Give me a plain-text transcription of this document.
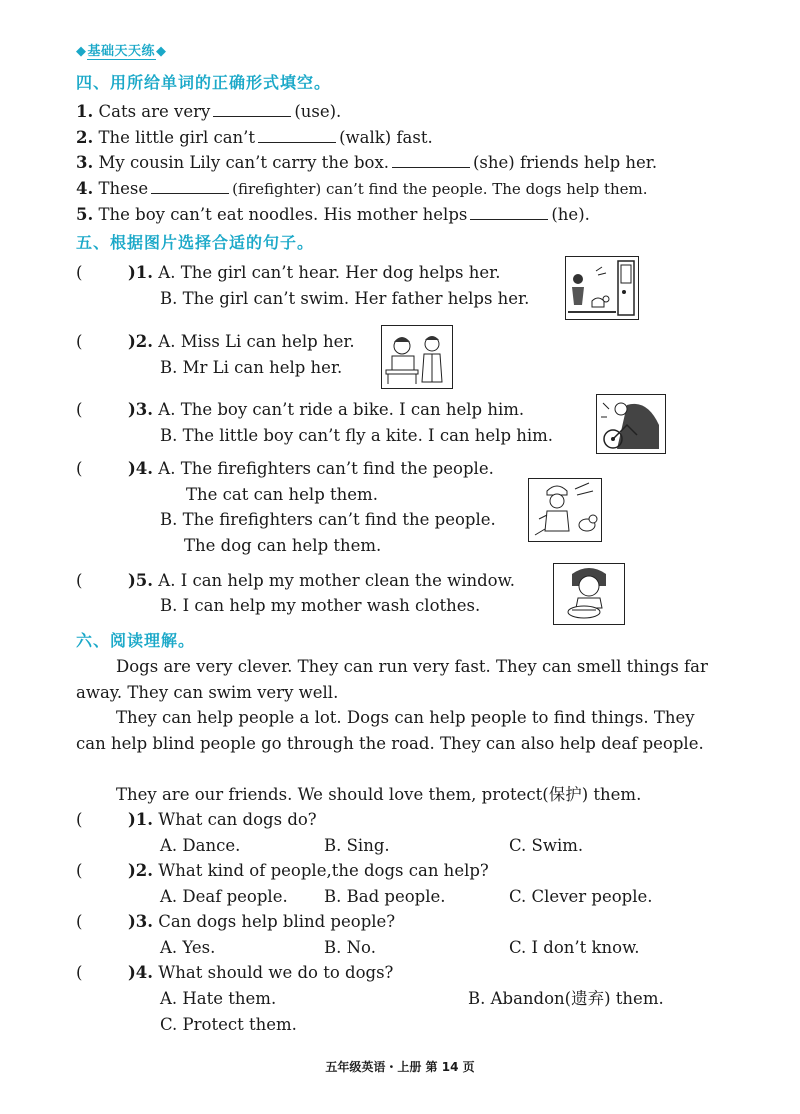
◆基础天天练◆
四、用所给单词的正确形式填空。
1. Cats are very	(use).
2. The little girl can’t	(walk) fast.
3. My cousin Lily can’t carry the box.	(she) friends help her.
4. These	(firefighter) can’t find the people. The dogs help them.
5. The boy can’t eat noodles. His mother helps	(he).
五、根据图片选择合适的句子。
(	)1. A. The girl can’t hear. Her dog helps her.
B. The girl can’t swim. Her father helps her.
(	)2. A. Miss Li can help her.
B. Mr Li can help her.
(	)3. A. The boy can’t ride a bike. I can help him.
B. The little boy can’t fly a kite. I can help him.
(	)4. A. The firefighters can’t find the people.
The cat can help them.
B. The firefighters can’t find the people.
The dog can help them.
(	)5. A. I can help my mother clean the window.
B. I can help my mother wash clothes.
六、阅读理解。
Dogs are very clever. They can run very fast. They can smell things far away. They can swim very well.
They can help people a lot. Dogs can help people to find things. They can help blind people go through the road. They can also help deaf people.
They are our friends. We should love them, protect(保护) them.
(	)1. What can dogs do?
A. Dance.	B. Sing.	C. Swim.
(	)2. What kind of people,the dogs can help?
A. Deaf people. B. Bad people.	C. Clever people.
(	)3. Can dogs help blind people?
A. Yes.	B. No.	C. I don’t know.
(	)4. What should we do to dogs?
A. Hate them.	B. Abandon(遗弃) them.
C. Protect them.
五年级英语・上册 第 14 页
